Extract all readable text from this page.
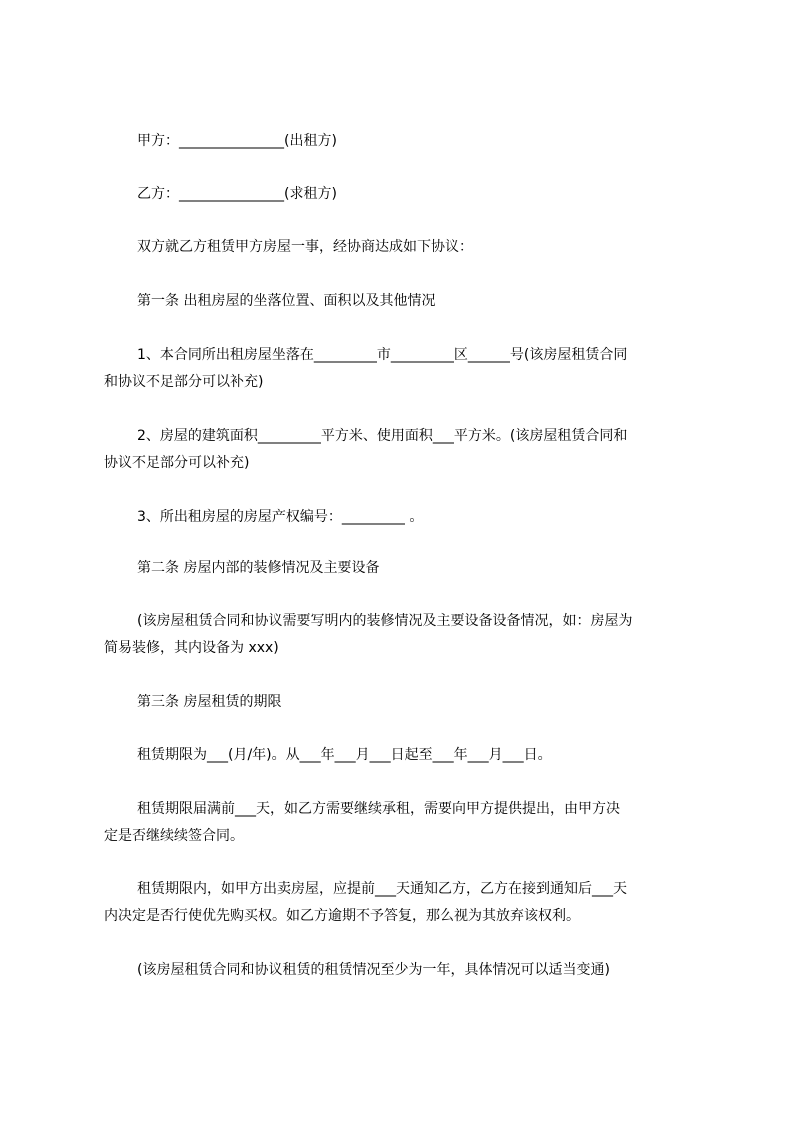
甲方：_______________(出租方)

乙方：_______________(求租方)

双方就乙方租赁甲方房屋一事，经协商达成如下协议：

第一条 出租房屋的坐落位置、面积以及其他情况

1、本合同所出租房屋坐落在_________市_________区______号(该房屋租赁合同

和协议不足部分可以补充)

2、房屋的建筑面积_________平方米、使用面积___平方米。(该房屋租赁合同和

协议不足部分可以补充)

3、所出租房屋的房屋产权编号：_________ 。

第二条 房屋内部的装修情况及主要设备

(该房屋租赁合同和协议需要写明内的装修情况及主要设备设备情况，如：房屋为

简易装修，其内设备为 xxx)

第三条 房屋租赁的期限

租赁期限为___(月/年)。从___年___月___日起至___年___月___日。

租赁期限届满前___天，如乙方需要继续承租，需要向甲方提供提出，由甲方决

定是否继续续签合同。

租赁期限内，如甲方出卖房屋，应提前___天通知乙方，乙方在接到通知后___天

内决定是否行使优先购买权。如乙方逾期不予答复，那么视为其放弃该权利。

(该房屋租赁合同和协议租赁的租赁情况至少为一年，具体情况可以适当变通)
